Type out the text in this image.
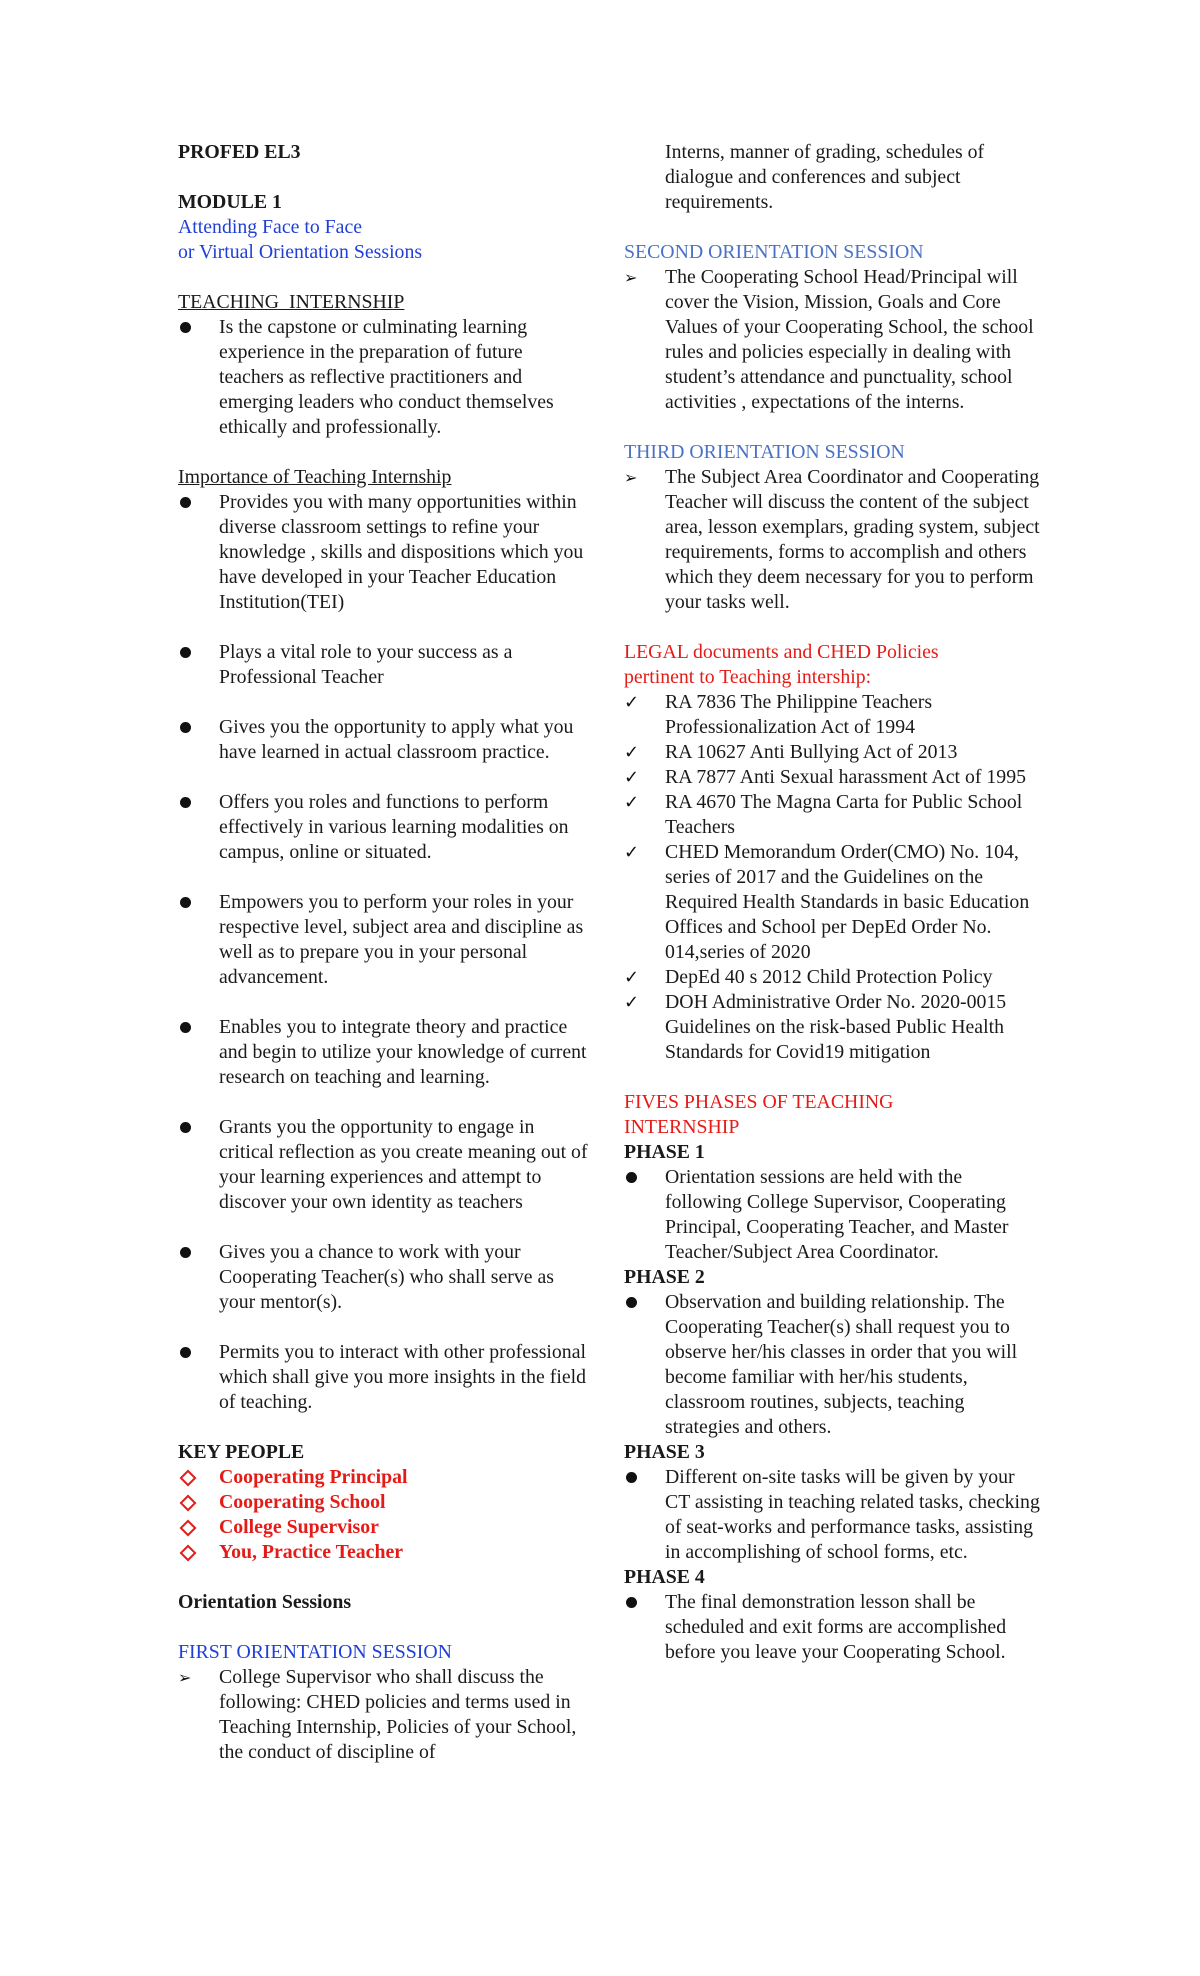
PROFED EL3

MODULE 1

Attending Face to Face

or Virtual Orientation Sessions

TEACHING  INTERNSHIP

Is the capstone or culminating learning experience in the preparation of future teachers as reflective practitioners and emerging leaders who conduct themselves ethically and professionally.

Importance of Teaching Internship

Provides you with many opportunities within diverse classroom settings to refine your knowledge , skills and dispositions which you have developed in your Teacher Education Institution(TEI)
Plays a vital role to your success as a Professional Teacher
Gives you the opportunity to apply what you have learned in actual classroom practice.
Offers you roles and functions to perform effectively in various learning modalities on campus, online or situated.
Empowers you to perform your roles in your respective level, subject area and discipline as well as to prepare you in your personal advancement.
Enables you to integrate theory and practice and begin to utilize your knowledge of current research on teaching and learning.
Grants you the opportunity to engage in critical reflection as you create meaning out of your learning experiences and attempt to discover your own identity as teachers
Gives you a chance to work with your Cooperating Teacher(s) who shall serve as your mentor(s).
Permits you to interact with other professional which shall give you more insights in the field of teaching.

KEY PEOPLE

Cooperating Principal
Cooperating School
College Supervisor
You, Practice Teacher

Orientation Sessions

FIRST ORIENTATION SESSION

➢ College Supervisor who shall discuss the following: CHED policies and terms used in Teaching Internship, Policies of your School, the conduct of discipline of
Interns, manner of grading, schedules of dialogue and conferences and subject requirements.

SECOND ORIENTATION SESSION

➢ The Cooperating School Head/Principal will cover the Vision, Mission, Goals and Core Values of your Cooperating School, the school rules and policies especially in dealing with student’s attendance and punctuality, school activities , expectations of the interns.

THIRD ORIENTATION SESSION

➢ The Subject Area Coordinator and Cooperating Teacher will discuss the content of the subject area, lesson exemplars, grading system, subject requirements, forms to accomplish and others which they deem necessary for you to perform your tasks well.

LEGAL documents and CHED Policies

pertinent to Teaching intership:

✓ RA 7836 The Philippine Teachers Professionalization Act of 1994
✓ RA 10627 Anti Bullying Act of 2013
✓ RA 7877 Anti Sexual harassment Act of 1995
✓ RA 4670 The Magna Carta for Public School Teachers
✓ CHED Memorandum Order(CMO) No. 104, series of 2017 and the Guidelines on the Required Health Standards in basic Education Offices and School per DepEd Order No. 014,series of 2020
✓ DepEd 40 s 2012 Child Protection Policy
✓ DOH Administrative Order No. 2020-0015 Guidelines on the risk-based Public Health Standards for Covid19 mitigation

FIVES PHASES OF TEACHING

INTERNSHIP

PHASE 1

Orientation sessions are held with the following College Supervisor, Cooperating Principal, Cooperating Teacher, and Master Teacher/Subject Area Coordinator.

PHASE 2

Observation and building relationship. The Cooperating Teacher(s) shall request you to observe her/his classes in order that you will become familiar with her/his students, classroom routines, subjects, teaching strategies and others.

PHASE 3

Different on-site tasks will be given by your CT assisting in teaching related tasks, checking of seat-works and performance tasks, assisting in accomplishing of school forms, etc.

PHASE 4

The final demonstration lesson shall be scheduled and exit forms are accomplished before you leave your Cooperating School.
